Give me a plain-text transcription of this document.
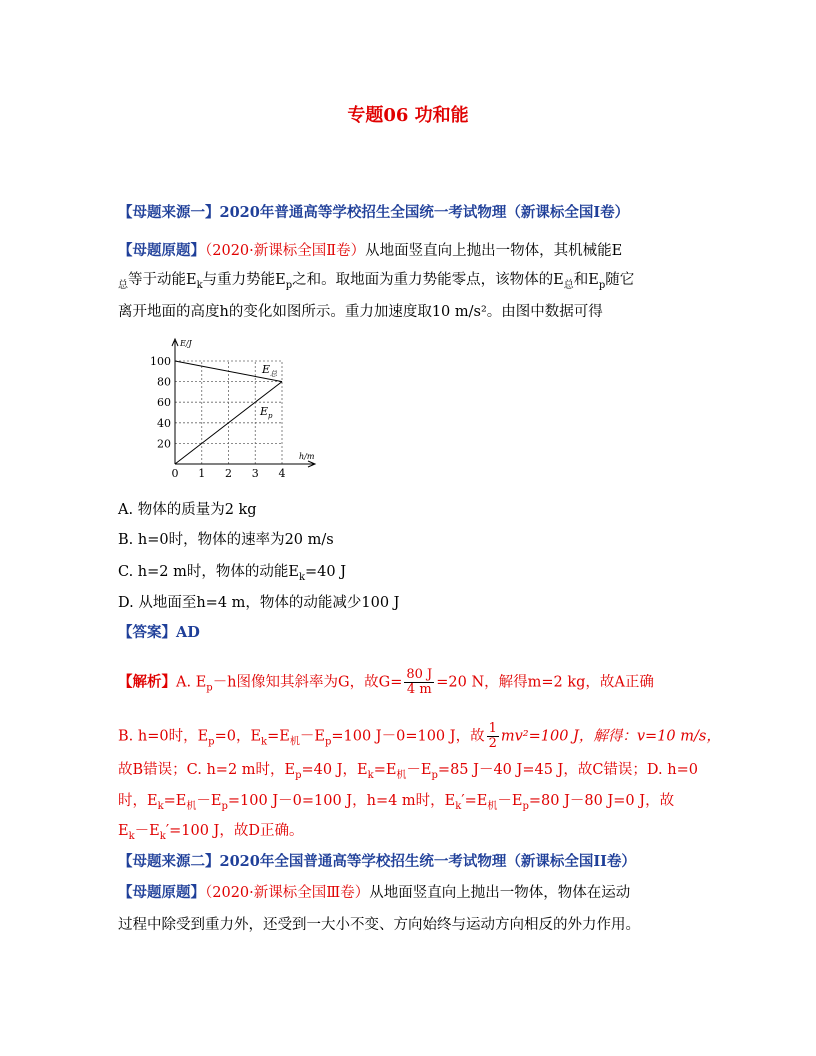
专题06 功和能
【母题来源一】2020年普通高等学校招生全国统一考试物理（新课标全国Ⅰ卷）
【母题原题】（2020·新课标全国Ⅱ卷）从地面竖直向上抛出一物体，其机械能E
$_总$等于动能$E_k$与重力势能$E_p$之和。取地面为重力势能零点，该物体的$E_总$和$E_p$随它
离开地面的高度h的变化如图所示。重力加速度取10 m/s²。由图中数据可得
E/J
h/m
0 1 2 3 4
20
40
60
80
100
$E_总$
$E_p$
A. 物体的质量为2 kg
B. h=0时，物体的速率为20 m/s
C. h=2 m时，物体的动能$E_k=40$ J
D. 从地面至h=4 m，物体的动能减少100 J
【答案】AD
【解析】A. $E_p-h$图像知其斜率为G，故$G= \frac{80 J}{4 m} =20$ N，解得m=2 kg，故A正确
B. h=0时，$E_p=0$，$E_k=E_机-E_p=100$ J－0=100 J，故 $\frac{1}{2} mv^2=100$ J，解得：v=10 m/s，
故B错误；C. h=2 m时，$E_p=40$ J，$E_k=E_机-E_p=85$ J－40 J=45 J，故C错误；D. h=0
时，$E_k=E_机-E_p=100$ J－0=100 J，h=4 m时，$E_k'=E_机-E_p=80$ J－80 J=0 J，故
$E_k-E_k'=100$ J，故D正确。
【母题来源二】2020年全国普通高等学校招生统一考试物理（新课标全国II卷）
【母题原题】（2020·新课标全国Ⅲ卷）从地面竖直向上抛出一物体，物体在运动
过程中除受到重力外，还受到一大小不变、方向始终与运动方向相反的外力作用。
